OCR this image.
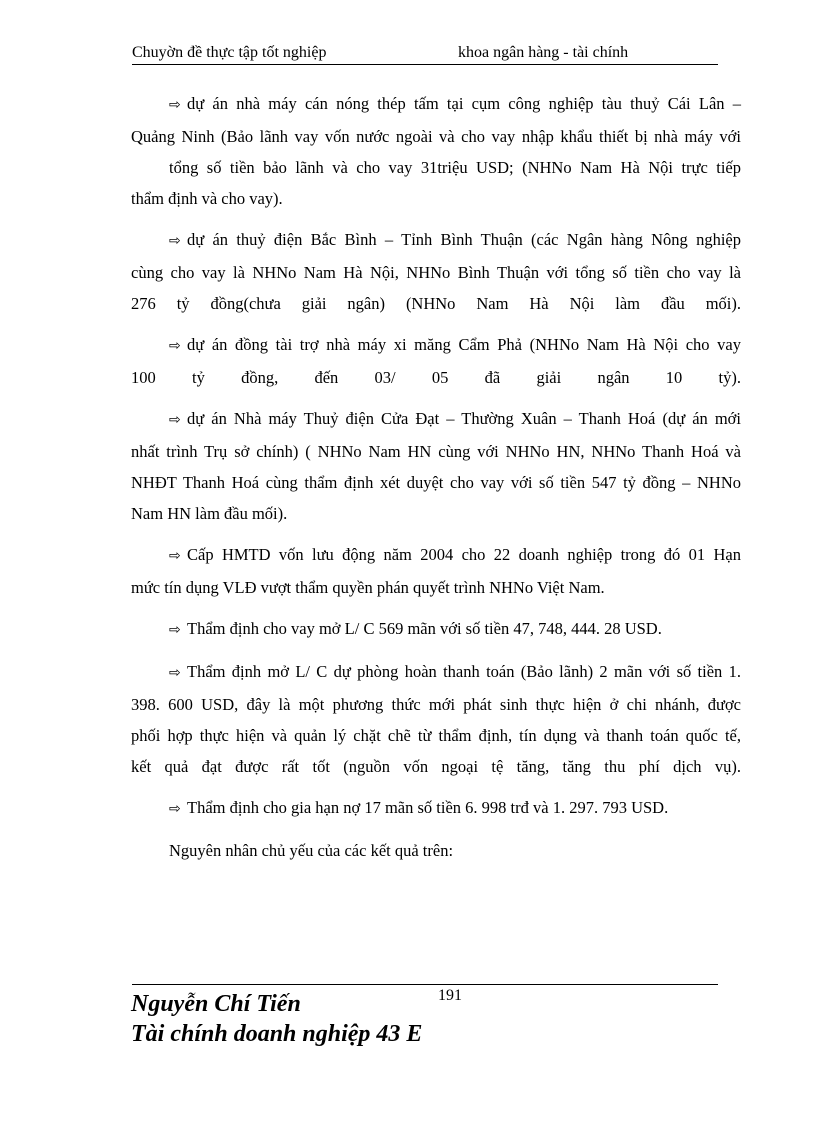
Chuyờn đề thực tập tốt nghiệp	khoa ngân hàng - tài chính
⇨ dự án nhà máy cán nóng thép tấm tại cụm công nghiệp tàu thuỷ Cái Lân –
Quảng Ninh (Bảo lãnh vay vốn nước ngoài và cho vay nhập khẩu thiết bị nhà máy với
tổng số tiền bảo lãnh và cho vay 31triệu USD; (NHNo Nam Hà Nội trực tiếp
thẩm định và cho vay).
⇨ dự án thuỷ điện Bắc Bình – Tỉnh Bình Thuận (các Ngân hàng Nông nghiệp
cùng cho vay là NHNo Nam Hà Nội, NHNo Bình Thuận với tổng số tiền cho vay là
276 tỷ đồng(chưa giải ngân) (NHNo Nam Hà Nội làm đầu mối).
⇨ dự án đồng tài trợ nhà máy xi măng Cẩm Phả (NHNo Nam Hà Nội cho vay
100 tỷ đồng, đến 03/ 05 đã giải ngân 10 tỷ).
⇨ dự án Nhà máy Thuỷ điện Cửa Đạt – Thường Xuân – Thanh Hoá (dự án mới
nhất trình Trụ sở chính) ( NHNo Nam HN cùng với NHNo HN, NHNo Thanh Hoá và
NHĐT Thanh Hoá cùng thẩm định xét duyệt cho vay với số tiền 547 tỷ đồng – NHNo
Nam HN làm đầu mối).
⇨ Cấp HMTD vốn lưu động năm 2004 cho 22 doanh nghiệp trong đó 01 Hạn
mức tín dụng VLĐ vượt thẩm quyền phán quyết trình NHNo Việt Nam.
⇨ Thẩm định cho vay mở L/ C 569 mãn với số tiền 47, 748, 444. 28 USD.
⇨ Thẩm định mở L/ C dự phòng hoàn thanh toán (Bảo lãnh) 2 mãn với số tiền 1.
398. 600 USD, đây là một phương thức mới phát sinh thực hiện ở chi nhánh, được
phối hợp thực hiện và quản lý chặt chẽ từ thẩm định, tín dụng và thanh toán quốc tế,
kết quả đạt được rất tốt (nguồn vốn ngoại tệ tăng, tăng thu phí dịch vụ).
⇨ Thẩm định cho gia hạn nợ 17 mãn số tiền 6. 998 trđ và 1. 297. 793 USD.
Nguyên nhân chủ yếu của các kết quả trên:
191
Nguyễn Chí Tiến
Tài chính doanh nghiệp 43 E
